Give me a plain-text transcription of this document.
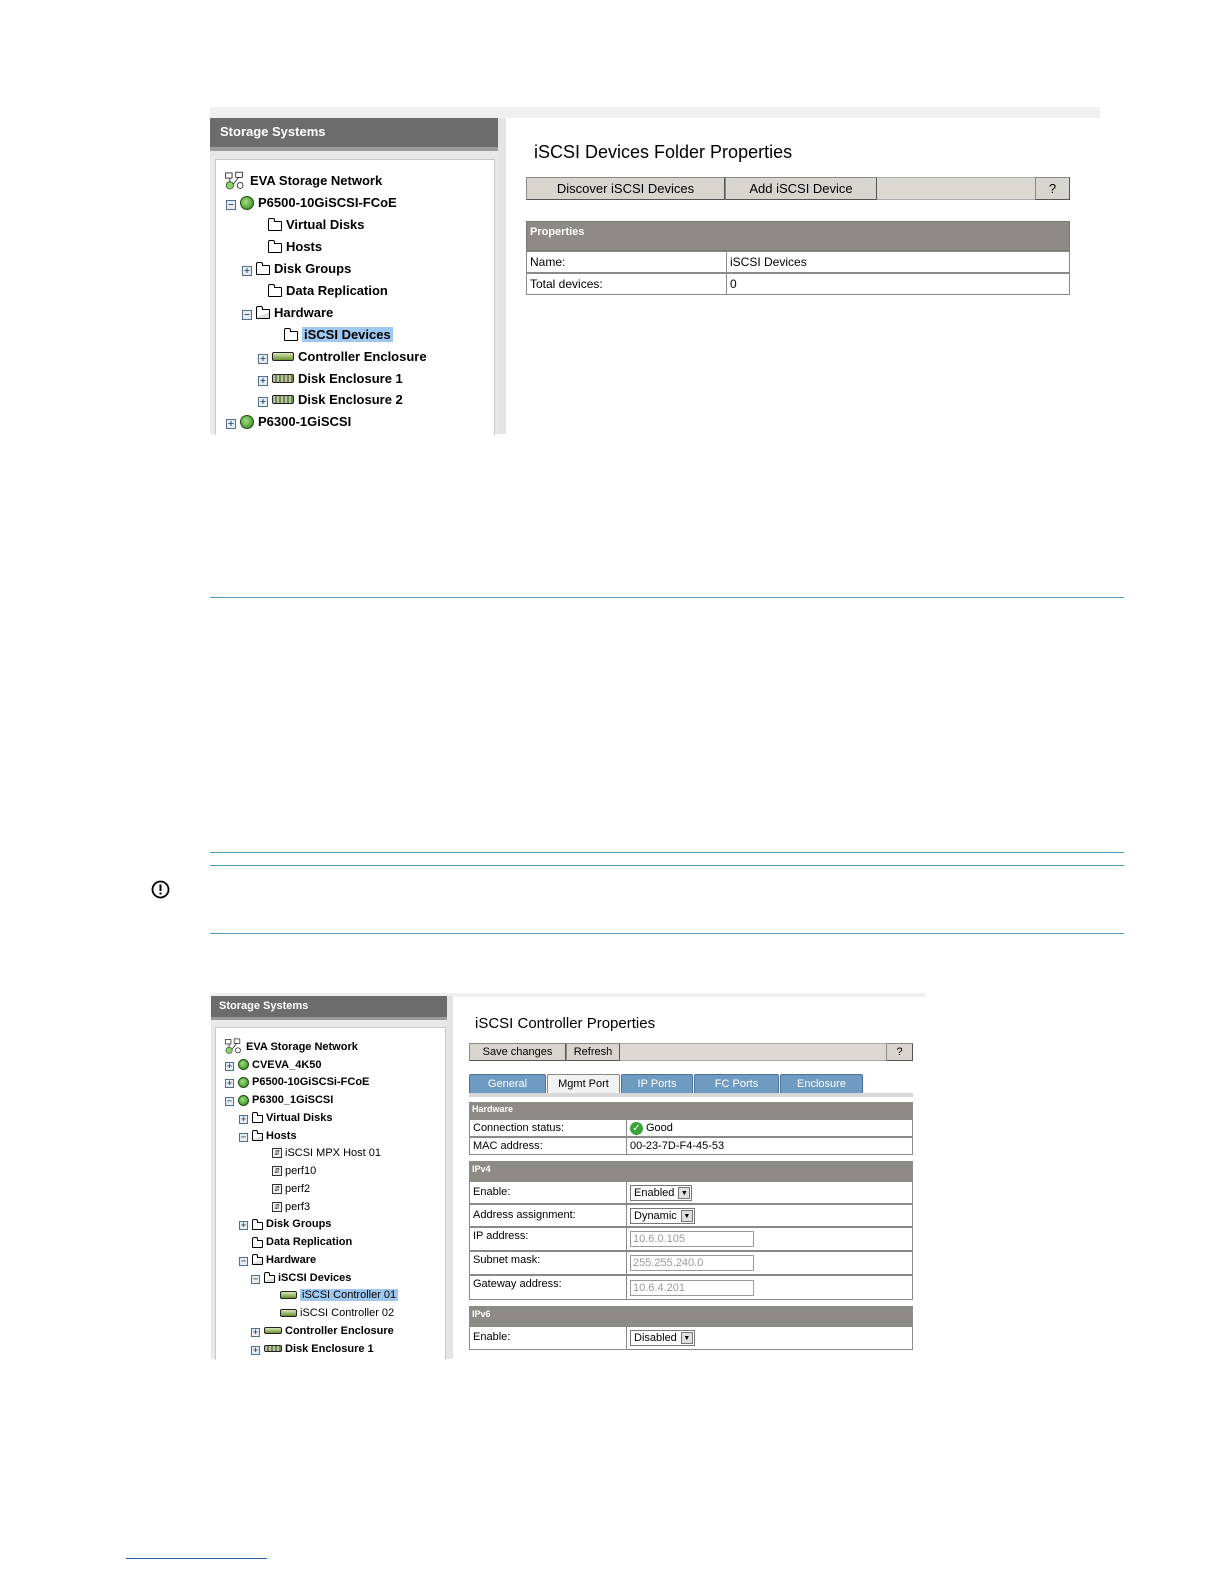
Storage Systems
EVA Storage Network
−	P6500-10GiSCSI-FCoE
Virtual Disks
Hosts
+	Disk Groups
Data Replication
−	Hardware
iSCSI Devices
+	Controller Enclosure
+	Disk Enclosure 1
+	Disk Enclosure 2
+	P6300-1GiSCSI
iSCSI Devices Folder Properties
Discover iSCSI Devices	Add iSCSI Device	?
Properties
Name:	iSCSI Devices
Total devices:	0
Storage Systems
EVA Storage Network
+	CVEVA_4K50
+	P6500-10GiSCSi-FCoE
−	P6300_1GiSCSI
+	Virtual Disks
−	Hosts
⇵ iSCSI MPX Host 01
⇵ perf10
⇵ perf2
⇵ perf3
+	Disk Groups
Data Replication
−	Hardware
−	iSCSI Devices
iSCSI Controller 01
iSCSI Controller 02
+	Controller Enclosure
+	Disk Enclosure 1
iSCSI Controller Properties
Save changes	Refresh	?
General	Mgmt Port	IP Ports	FC Ports	Enclosure
Hardware
Connection status:	✓ Good
MAC address:	00-23-7D-F4-45-53
IPv4
Enable:	Enabled ▼
Address assignment:	Dynamic ▼
IP address:	10.6.0.105
Subnet mask:	255.255.240.0
Gateway address:	10.6.4.201
IPv6
Enable:	Disabled ▼
